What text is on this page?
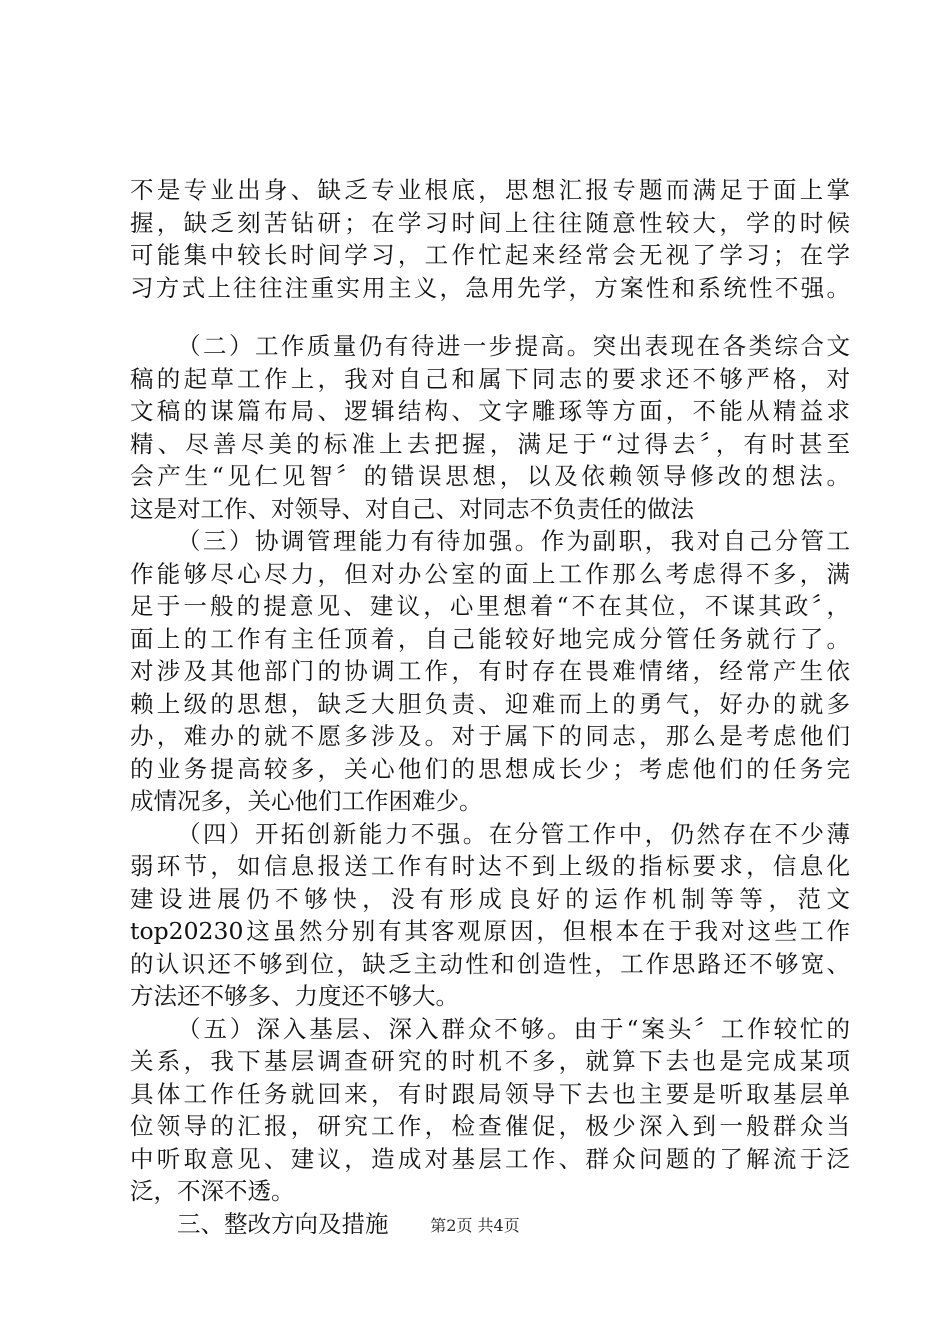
不是专业出身、缺乏专业根底，思想汇报专题而满足于面上掌
握，缺乏刻苦钻研；在学习时间上往往随意性较大，学的时候
可能集中较长时间学习，工作忙起来经常会无视了学习；在学
习方式上往往注重实用主义，急用先学，方案性和系统性不强。
（二）工作质量仍有待进一步提高。突出表现在各类综合文
稿的起草工作上，我对自己和属下同志的要求还不够严格，对
文稿的谋篇布局、逻辑结构、文字雕琢等方面，不能从精益求
精、尽善尽美的标准上去把握，满足于“过得去〞，有时甚至
会产生“见仁见智〞的错误思想，以及依赖领导修改的想法。
这是对工作、对领导、对自己、对同志不负责任的做法
（三）协调管理能力有待加强。作为副职，我对自己分管工
作能够尽心尽力，但对办公室的面上工作那么考虑得不多，满
足于一般的提意见、建议，心里想着“不在其位，不谋其政〞，
面上的工作有主任顶着，自己能较好地完成分管任务就行了。
对涉及其他部门的协调工作，有时存在畏难情绪，经常产生依
赖上级的思想，缺乏大胆负责、迎难而上的勇气，好办的就多
办，难办的就不愿多涉及。对于属下的同志，那么是考虑他们
的业务提高较多，关心他们的思想成长少；考虑他们的任务完
成情况多，关心他们工作困难少。
（四）开拓创新能力不强。在分管工作中，仍然存在不少薄
弱环节，如信息报送工作有时达不到上级的指标要求，信息化
建设进展仍不够快，没有形成良好的运作机制等等，范文
top20230这虽然分别有其客观原因，但根本在于我对这些工作
的认识还不够到位，缺乏主动性和创造性，工作思路还不够宽、
方法还不够多、力度还不够大。
（五）深入基层、深入群众不够。由于“案头〞工作较忙的
关系，我下基层调查研究的时机不多，就算下去也是完成某项
具体工作任务就回来，有时跟局领导下去也主要是听取基层单
位领导的汇报，研究工作，检查催促，极少深入到一般群众当
中听取意见、建议，造成对基层工作、群众问题的了解流于泛
泛，不深不透。
三、整改方向及措施	第2页 共4页
